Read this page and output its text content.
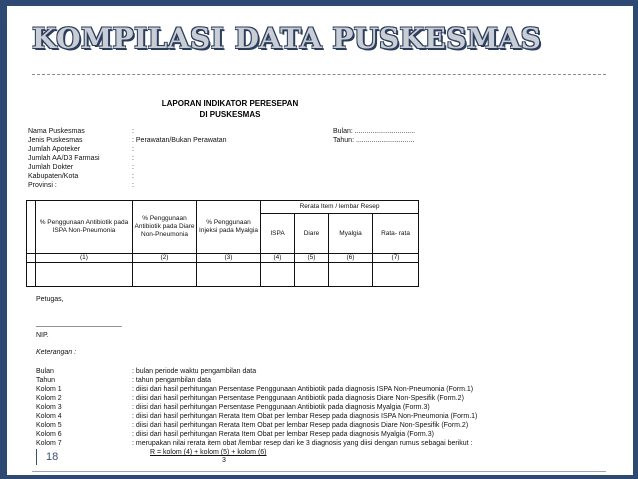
KOMPILASI DATA PUSKESMAS
LAPORAN INDIKATOR PERESEPAN
DI PUSKESMAS
Nama Puskesmas	:
Jenis Puskesmas	: Perawatan/Bukan Perawatan
Jumlah Apoteker	:
Jumlah AA/D3 Farmasi	:
Jumlah Dokter	:
Kabupaten/Kota	:
Provinsi :	:
Bulan: ...............................
Tahun: ..............................
	% Penggunaan Antibiotik pada ISPA Non-Pneumonia	% Penggunaan Antibiotik pada Diare Non-Pneumonia	% Penggunaan Injeksi pada Myalgia	Rerata Item / lembar Resep			
				ISPA	Diare	Myalgia	Rata- rata
	(1)	(2)	(3)	(4)	(5)	(6)	(7)

Petugas,
______________________
NIP.
Keterangan :
Bulan	: bulan periode waktu pengambilan data
Tahun	: tahun pengambilan data
Kolom 1	: diisi dari hasil perhitungan Persentase Penggunaan Antibiotik pada diagnosis ISPA Non-Pneumonia (Form.1)
Kolom 2	: diisi dari hasil perhitungan Persentase Penggunaan Antibiotik pada diagnosis Diare Non-Spesifik (Form.2)
Kolom 3	: diisi dari hasil perhitungan Persentase Penggunaan Antibiotik pada diagnosis Myalgia (Form.3)
Kolom 4	: diisi dari hasil perhitungan Rerata Item Obat per lembar Resep pada diagnosis ISPA Non-Pneumonia (Form.1)
Kolom 5	: diisi dari hasil perhitungan Rerata Item Obat per lembar Resep pada diagnosis Diare Non-Spesifik (Form.2)
Kolom 6	: diisi dari hasil perhitungan Rerata Item Obat per lembar Resep pada diagnosis Myalgia (Form.3)
Kolom 7	: merupakan nilai rerata item obat /lembar resep dari ke 3 diagnosis yang diisi dengan rumus sebagai berikut :
R = kolom (4) + kolom (5) + kolom (6)
3
18
